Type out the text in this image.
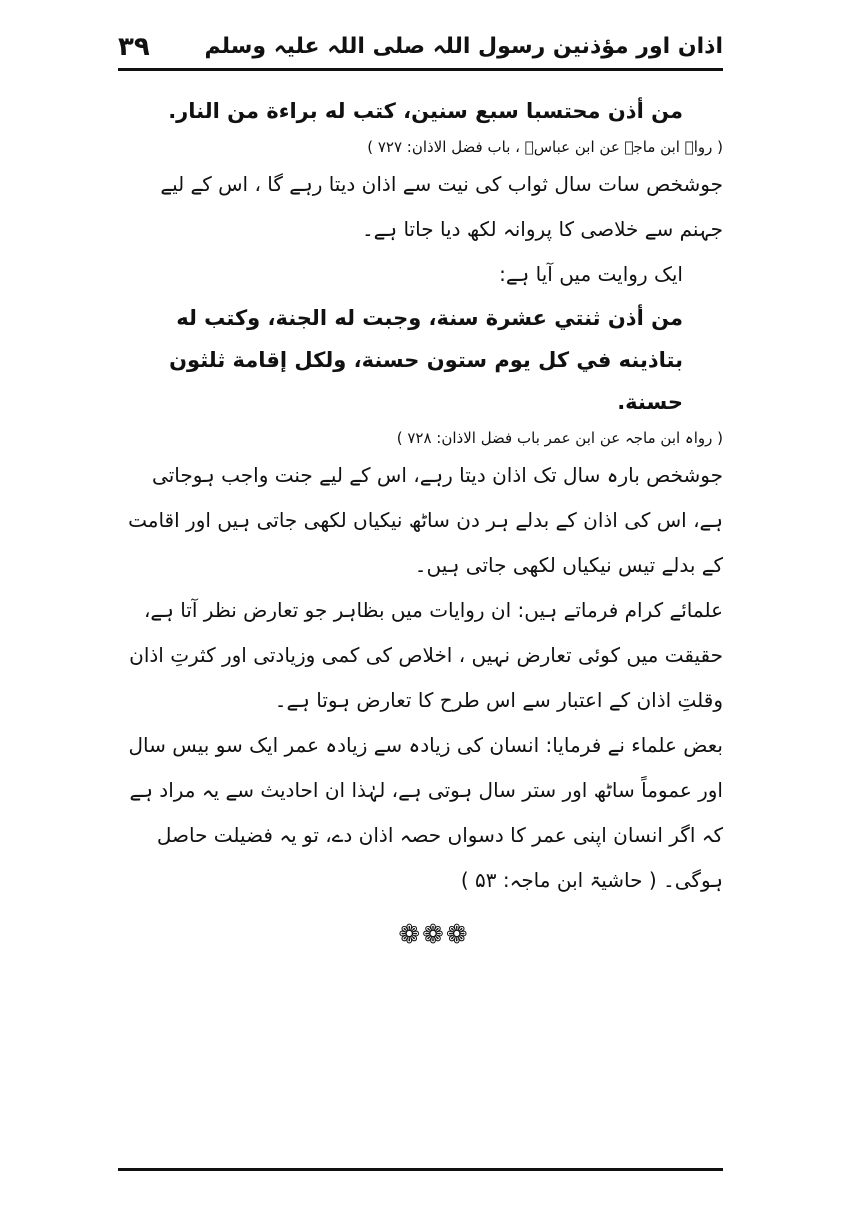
۳۹ اذان اور مؤذنین رسول اللہ صلی اللہ علیہ وسلم

من أذن محتسبا سبع سنين، كتب له براءة من النار.

( رواہ ابن ماجہ عن ابن عباسؓ ، باب فضل الاذان: ۷۲۷ )

جوشخص سات سال ثواب کی نیت سے اذان دیتا رہے گا ، اس کے لیے جہنم سے خلاصی کا پروانہ لکھ دیا جاتا ہے۔

ایک روایت میں آیا ہے:

من أذن ثنتي عشرة سنة، وجبت له الجنة، وكتب له بتاذينه في كل يوم ستون حسنة، ولكل إقامة ثلثون حسنة.

( رواہ ابن ماجہ عن ابن عمر باب فضل الاذان: ۷۲۸ )

جوشخص بارہ سال تک اذان دیتا رہے، اس کے لیے جنت واجب ہوجاتی ہے، اس کی اذان کے بدلے ہر دن ساٹھ نیکیاں لکھی جاتی ہیں اور اقامت کے بدلے تیس نیکیاں لکھی جاتی ہیں۔

علمائے کرام فرماتے ہیں: ان روایات میں بظاہر جو تعارض نظر آتا ہے، حقیقت میں کوئی تعارض نہیں ، اخلاص کی کمی وزیادتی اور کثرتِ اذان وقلتِ اذان کے اعتبار سے اس طرح کا تعارض ہوتا ہے۔

بعض علماء نے فرمایا: انسان کی زیادہ سے زیادہ عمر ایک سو بیس سال اور عموماً ساٹھ اور ستر سال ہوتی ہے، لہٰذا ان احادیث سے یہ مراد ہے کہ اگر انسان اپنی عمر کا دسواں حصہ اذان دے، تو یہ فضیلت حاصل ہوگی۔ ( حاشیۃ ابن ماجہ: ۵۳ )

❁❁❁
